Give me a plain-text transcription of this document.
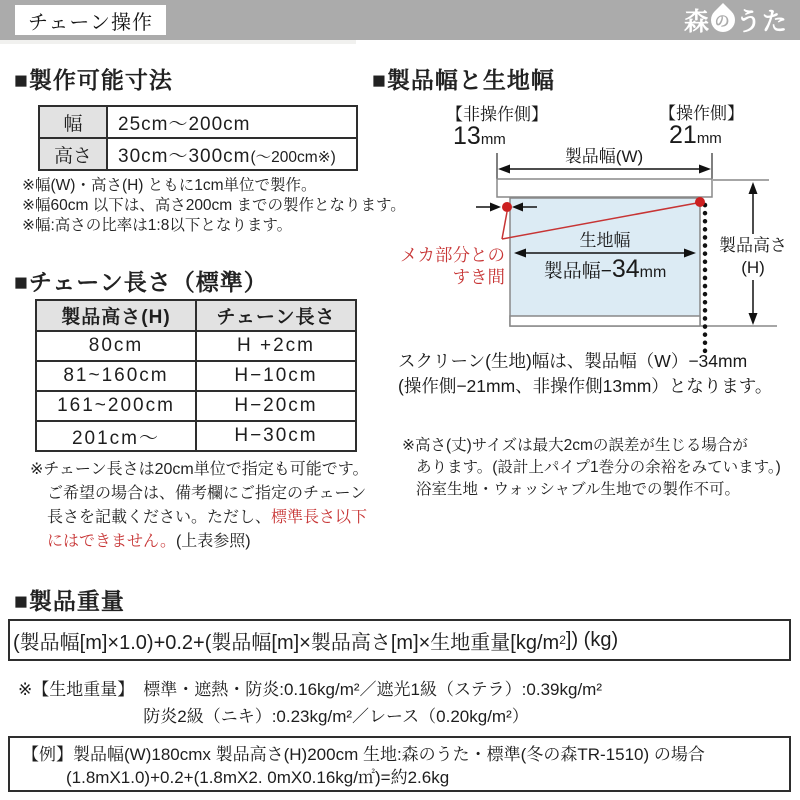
チェーン操作	森 の うた
■製作可能寸法
幅	25cm〜200cm
高さ	30cm〜300cm(〜200cm※)
※幅(W)・高さ(H) ともに1cm単位で製作。
※幅60cm 以下は、高さ200cm までの製作となります。
※幅:高さの比率は1:8以下となります。
■チェーン長さ（標準）
製品高さ(H)	チェーン長さ
80cm	H +2cm
81~160cm	H−10cm
161~200cm	H−20cm
201cm〜	H−30cm
※チェーン長さは20cm単位で指定も可能です。
ご希望の場合は、備考欄にご指定のチェーン
長さを記載ください。ただし、標準長さ以下
にはできません。(上表参照)
■製品幅と生地幅
【非操作側】
13mm
【操作側】
21mm
製品幅(W)
生地幅
製品幅−34mm
製品高さ
(H)
メカ部分との
すき間
スクリーン(生地)幅は、製品幅（W）−34mm
(操作側−21mm、非操作側13mm）となります。
※高さ(丈)サイズは最大2cmの誤差が生じる場合が
あります。(設計上パイプ1巻分の余裕をみています。)
浴室生地・ウォッシャブル生地での製作不可。
■製品重量
(製品幅[m]×1.0)+0.2+(製品幅[m]×製品高さ[m]×生地重量[kg/m 2 ]) (kg)
※【生地重量】 標準・遮熱・防炎:0.16kg/m²／遮光1級（ステラ）:0.39kg/m²
防炎2級（ニキ）:0.23kg/m²／レース（0.20kg/m²）
【例】製品幅(W)180cmx 製品高さ(H)200cm 生地:森のうた・標準(冬の森TR-1510) の場合
(1.8mX1.0)+0.2+(1.8mX2. 0mX0.16kg/㎡)=約2.6kg
